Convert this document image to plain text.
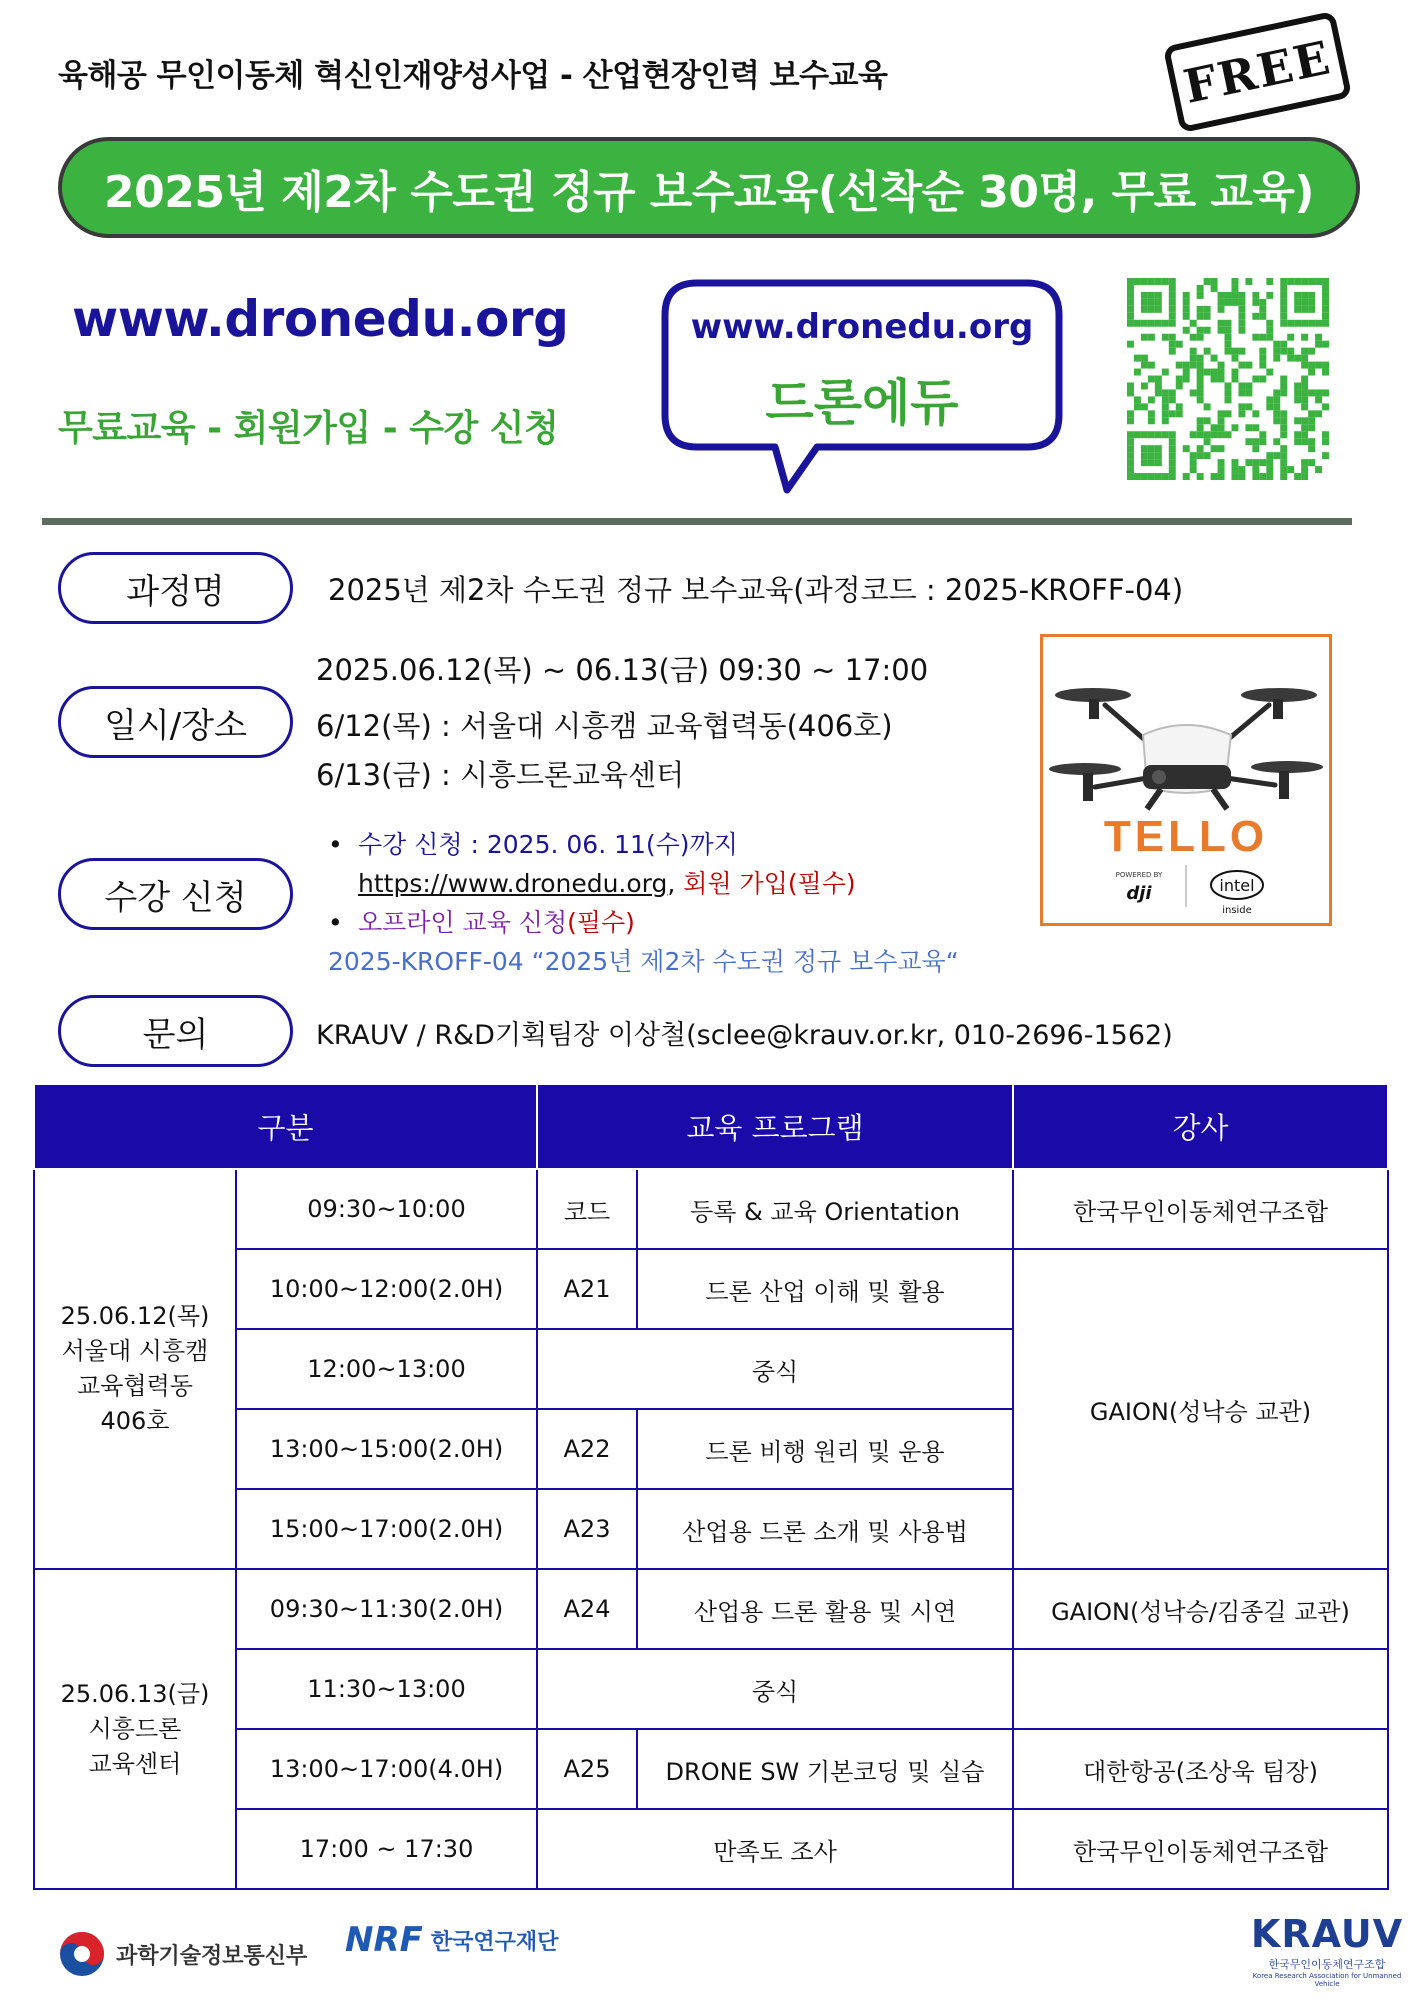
육해공 무인이동체 혁신인재양성사업 - 산업현장인력 보수교육	FREE
2025년 제2차 수도권 정규 보수교육(선착순 30명, 무료 교육)
www.dronedu.org
무료교육 - 회원가입 - 수강 신청
www.dronedu.org
드론에듀
과정명	2025년 제2차 수도권 정규 보수교육(과정코드 : 2025-KROFF-04)
일시/장소
2025.06.12(목) ~ 06.13(금) 09:30 ~ 17:00
6/12(목) : 서울대 시흥캠 교육협력동(406호)
6/13(금) : 시흥드론교육센터
수강 신청
• 수강 신청 : 2025. 06. 11(수)까지
https://www.dronedu.org, 회원 가입(필수)
• 오프라인 교육 신청(필수)
2025-KROFF-04 “2025년 제2차 수도권 정규 보수교육“
문의	KRAUV / R&D기획팀장 이상철(sclee@krauv.or.kr, 010-2696-1562)
TELLO
POWERED BY
dji	intel
inside
구분		교육 프로그램		강사

25.06.12(목)
서울대 시흥캠
교육협력동
406호	09:30~10:00	코드	등록 & 교육 Orientation	한국무인이동체연구조합
	10:00~12:00(2.0H)	A21	드론 산업 이해 및 활용	GAION(성낙승 교관)
	12:00~13:00	중식		
	13:00~15:00(2.0H)	A22	드론 비행 원리 및 운용	
	15:00~17:00(2.0H)	A23	산업용 드론 소개 및 사용법	

25.06.13(금)
시흥드론
교육센터	09:30~11:30(2.0H)	A24	산업용 드론 활용 및 시연	GAION(성낙승/김종길 교관)
	11:30~13:00	중식		
	13:00~17:00(4.0H)	A25	DRONE SW 기본코딩 및 실습	대한항공(조상욱 팀장)
	17:00 ~ 17:30	만족도 조사		한국무인이동체연구조합
과학기술정보통신부 NRF 한국연구재단	KRAUV
한국무인이동체연구조합
Korea Research Association for Unmanned Vehicle
